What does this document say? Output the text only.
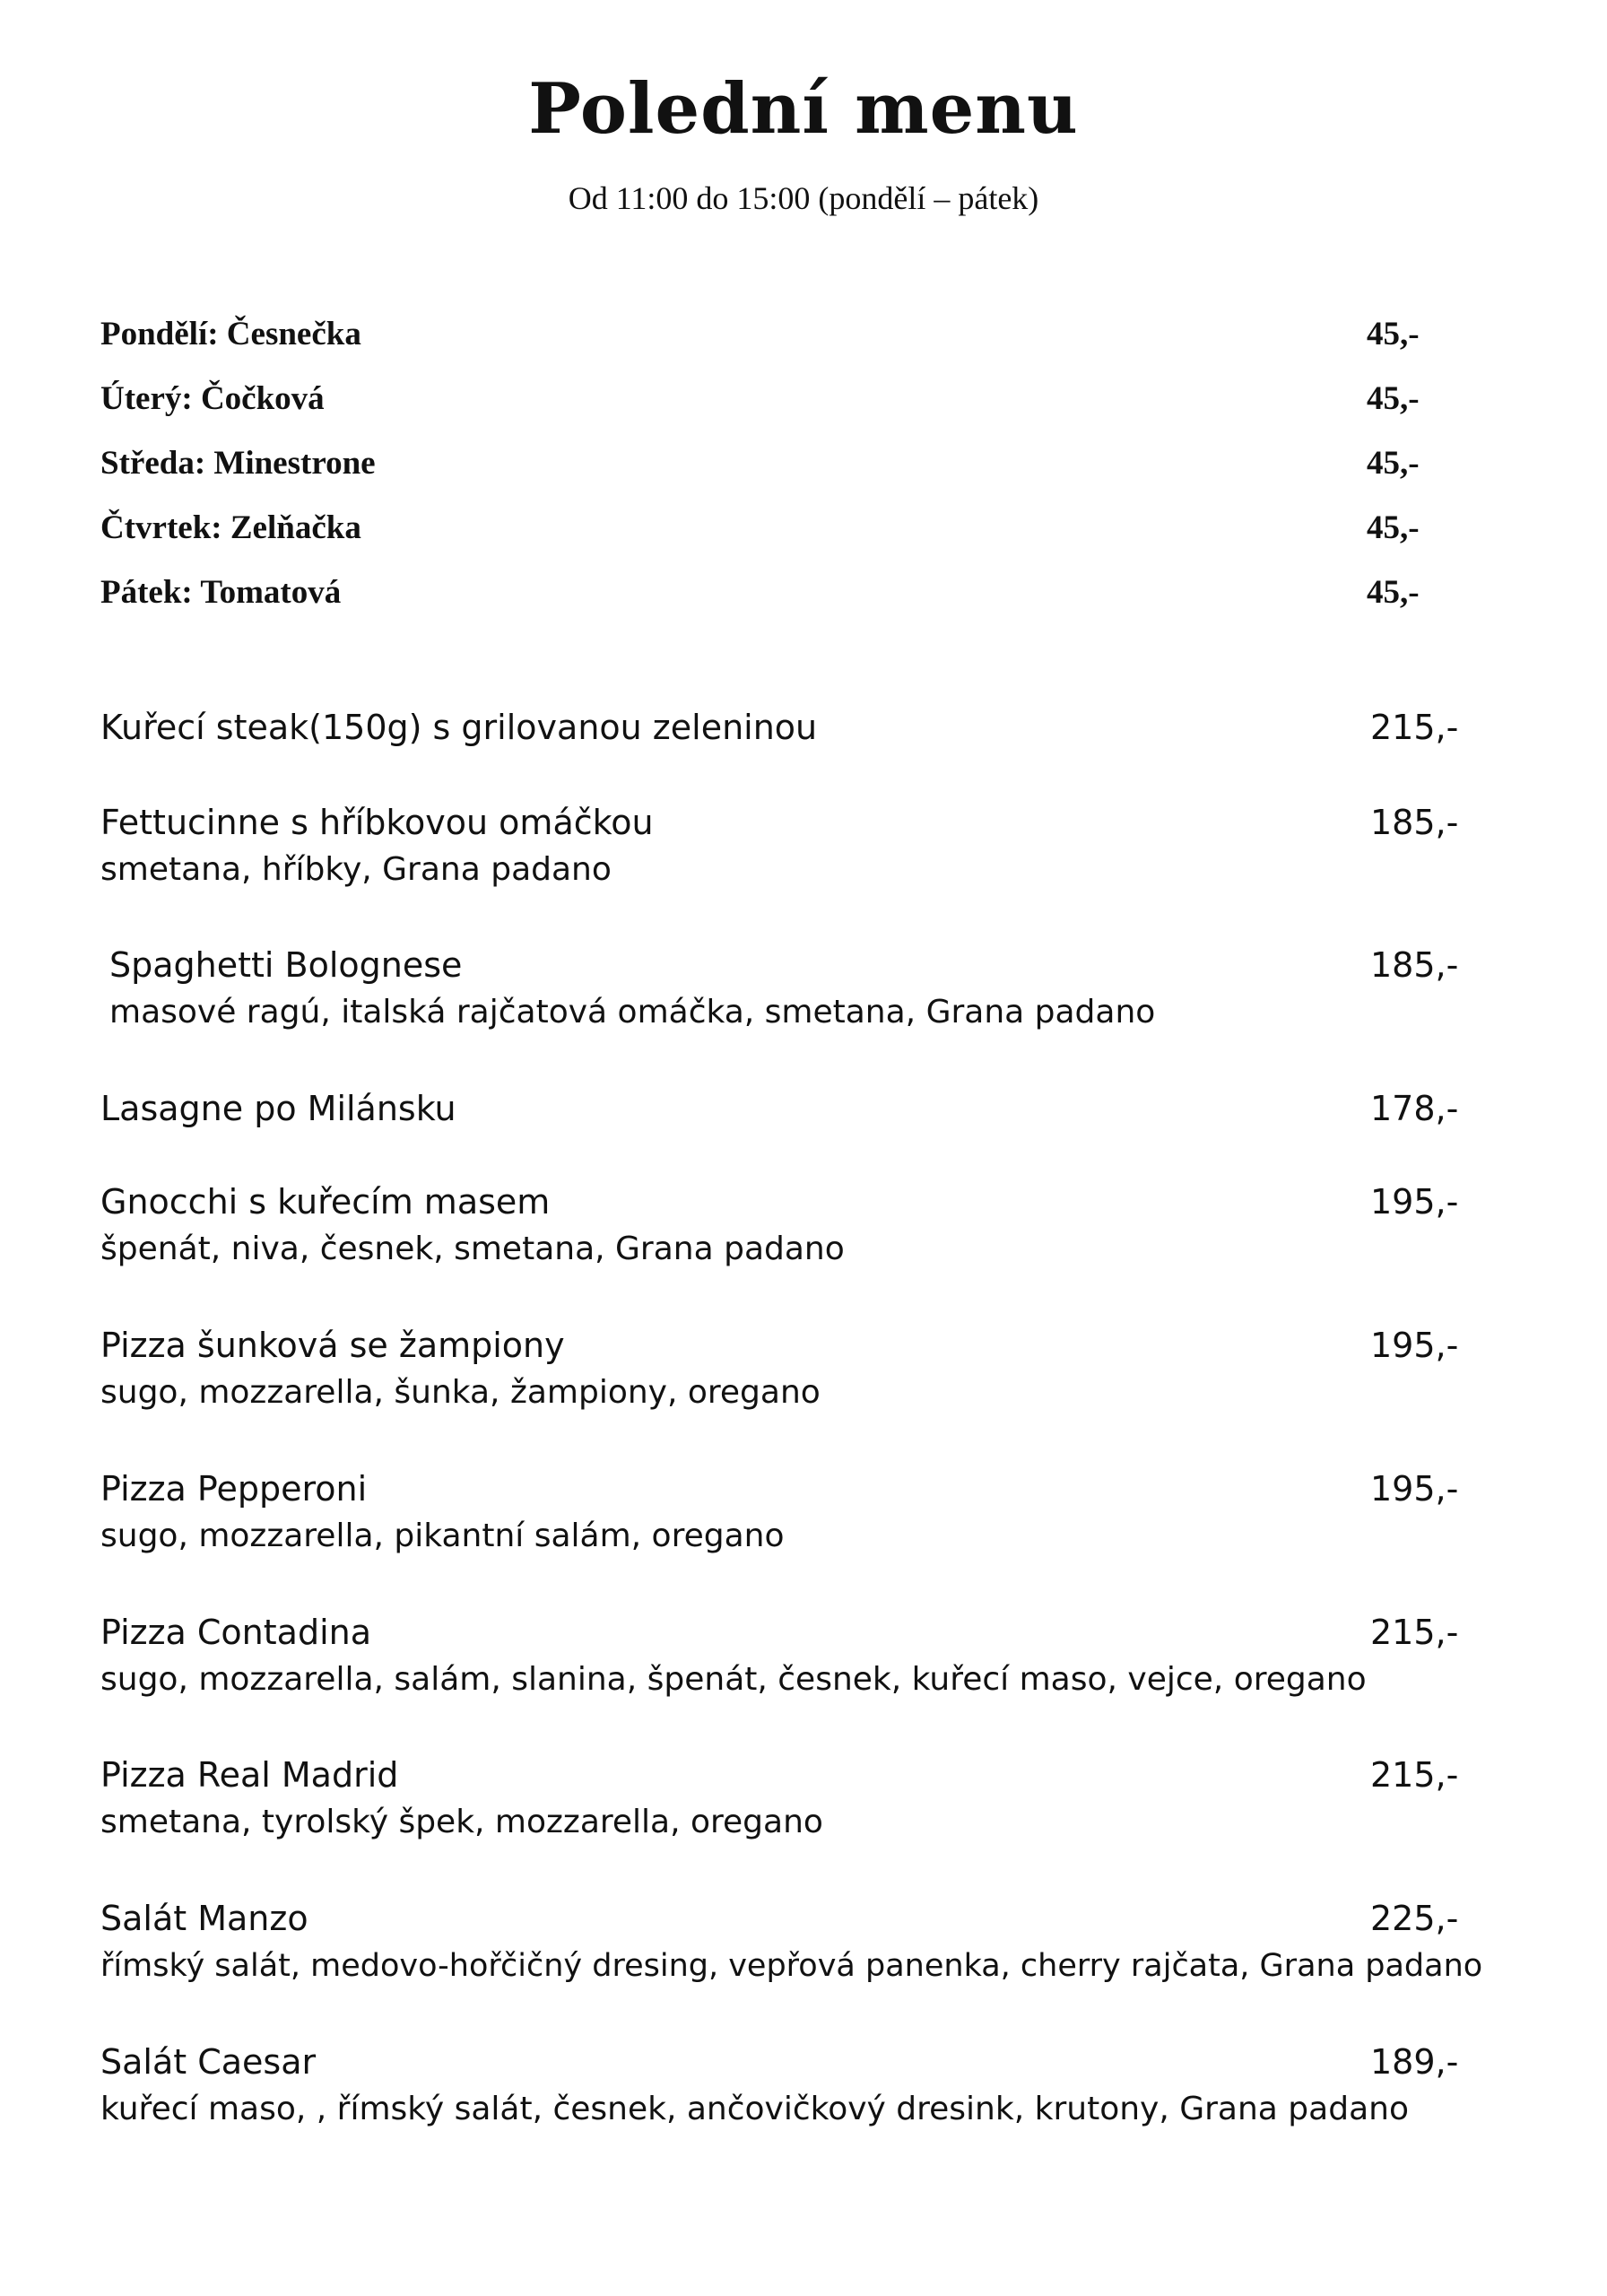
Polední menu
Od 11:00 do 15:00 (pondělí – pátek)
Pondělí: Česnečka	45,-
Úterý: Čočková	45,-
Středa: Minestrone	45,-
Čtvrtek: Zelňačka	45,-
Pátek: Tomatová	45,-
Kuřecí steak(150g) s grilovanou zeleninou	215,-
Fettucinne s hříbkovou omáčkou	185,-
smetana, hříbky, Grana padano
Spaghetti Bolognese	185,-
masové ragú, italská rajčatová omáčka, smetana, Grana padano
Lasagne po Milánsku	178,-
Gnocchi s kuřecím masem	195,-
špenát, niva, česnek, smetana, Grana padano
Pizza šunková se žampiony	195,-
sugo, mozzarella, šunka, žampiony, oregano
Pizza Pepperoni	195,-
sugo, mozzarella, pikantní salám, oregano
Pizza Contadina	215,-
sugo, mozzarella, salám, slanina, špenát, česnek, kuřecí maso, vejce, oregano
Pizza Real Madrid	215,-
smetana, tyrolský špek, mozzarella, oregano
Salát Manzo	225,-
římský salát, medovo-hořčičný dresing, vepřová panenka, cherry rajčata, Grana padano
Salát Caesar	189,-
kuřecí maso, , římský salát, česnek, ančovičkový dresink, krutony, Grana padano
